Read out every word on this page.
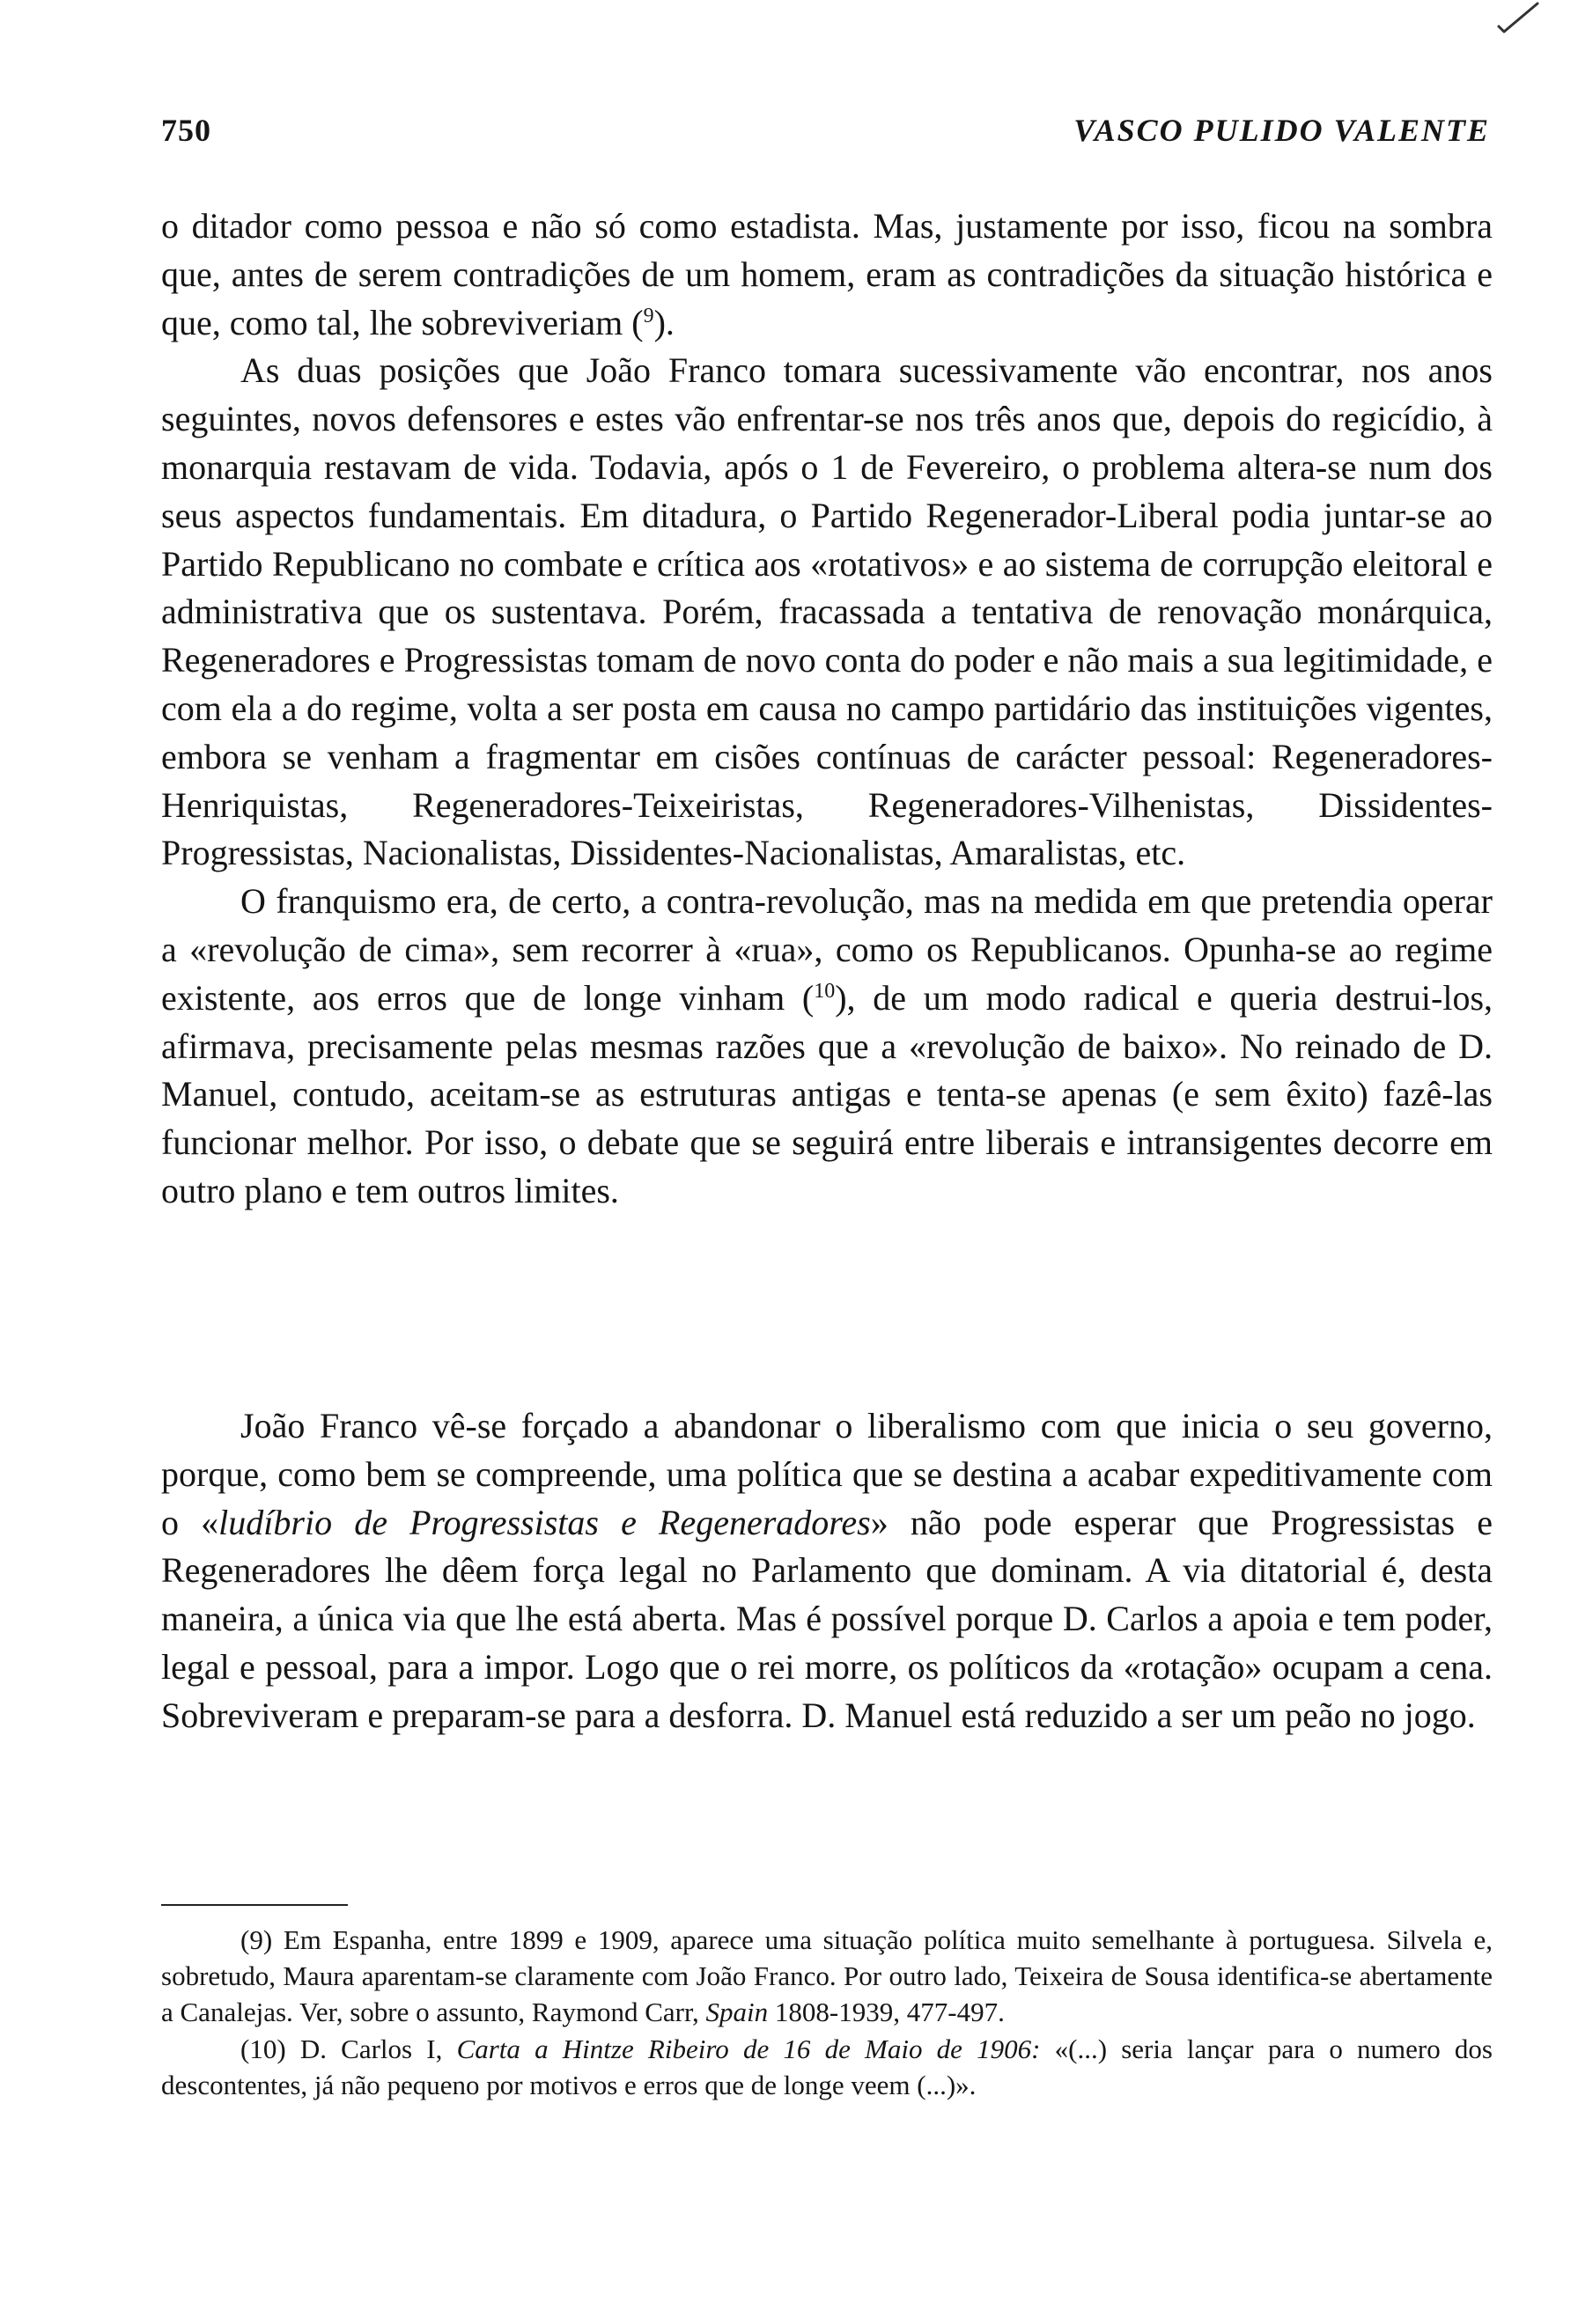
750	VASCO PULIDO VALENTE

o ditador como pessoa e não só como estadista. Mas, justamente por isso, ficou na sombra que, antes de serem contradições de um homem, eram as contradições da situação histórica e que, como tal, lhe sobreviveriam ($^9$).

As duas posições que João Franco tomara sucessivamente vão encontrar, nos anos seguintes, novos defensores e estes vão enfrentar-se nos três anos que, depois do regicídio, à monarquia restavam de vida. Todavia, após o 1 de Fevereiro, o problema altera-se num dos seus aspectos fundamentais. Em ditadura, o Partido Regenerador-Liberal podia juntar-se ao Partido Republicano no combate e crítica aos «rotativos» e ao sistema de corrupção eleitoral e administrativa que os sustentava. Porém, fracassada a tentativa de renovação monárquica, Regeneradores e Progressistas tomam de novo conta do poder e não mais a sua legitimidade, e com ela a do regime, volta a ser posta em causa no campo partidário das instituições vigentes, embora se venham a fragmentar em cisões contínuas de carácter pessoal: Regeneradores-Henriquistas, Regeneradores-Teixeiristas, Regeneradores-Vilhenistas, Dissidentes-Progressistas, Nacionalistas, Dissidentes-Nacionalistas, Amaralistas, etc.

O franquismo era, de certo, a contra-revolução, mas na medida em que pretendia operar a «revolução de cima», sem recorrer à «rua», como os Republicanos. Opunha-se ao regime existente, aos erros que de longe vinham ($^{10}$), de um modo radical e queria destrui-los, afirmava, precisamente pelas mesmas razões que a «revolução de baixo». No reinado de D. Manuel, contudo, aceitam-se as estruturas antigas e tenta-se apenas (e sem êxito) fazê-las funcionar melhor. Por isso, o debate que se seguirá entre liberais e intransigentes decorre em outro plano e tem outros limites.

João Franco vê-se forçado a abandonar o liberalismo com que inicia o seu governo, porque, como bem se compreende, uma política que se destina a acabar expeditivamente com o «ludíbrio de Progressistas e Regeneradores» não pode esperar que Progressistas e Regeneradores lhe dêem força legal no Parlamento que dominam. A via ditatorial é, desta maneira, a única via que lhe está aberta. Mas é possível porque D. Carlos a apoia e tem poder, legal e pessoal, para a impor. Logo que o rei morre, os políticos da «rotação» ocupam a cena. Sobreviveram e preparam-se para a desforra. D. Manuel está reduzido a ser um peão no jogo.

(9) Em Espanha, entre 1899 e 1909, aparece uma situação política muito semelhante à portuguesa. Silvela e, sobretudo, Maura aparentam-se claramente com João Franco. Por outro lado, Teixeira de Sousa identifica-se abertamente a Canalejas. Ver, sobre o assunto, Raymond Carr, Spain 1808-1939, 477-497.

(10) D. Carlos I, Carta a Hintze Ribeiro de 16 de Maio de 1906: «(...) seria lançar para o numero dos descontentes, já não pequeno por motivos e erros que de longe veem (...)».
